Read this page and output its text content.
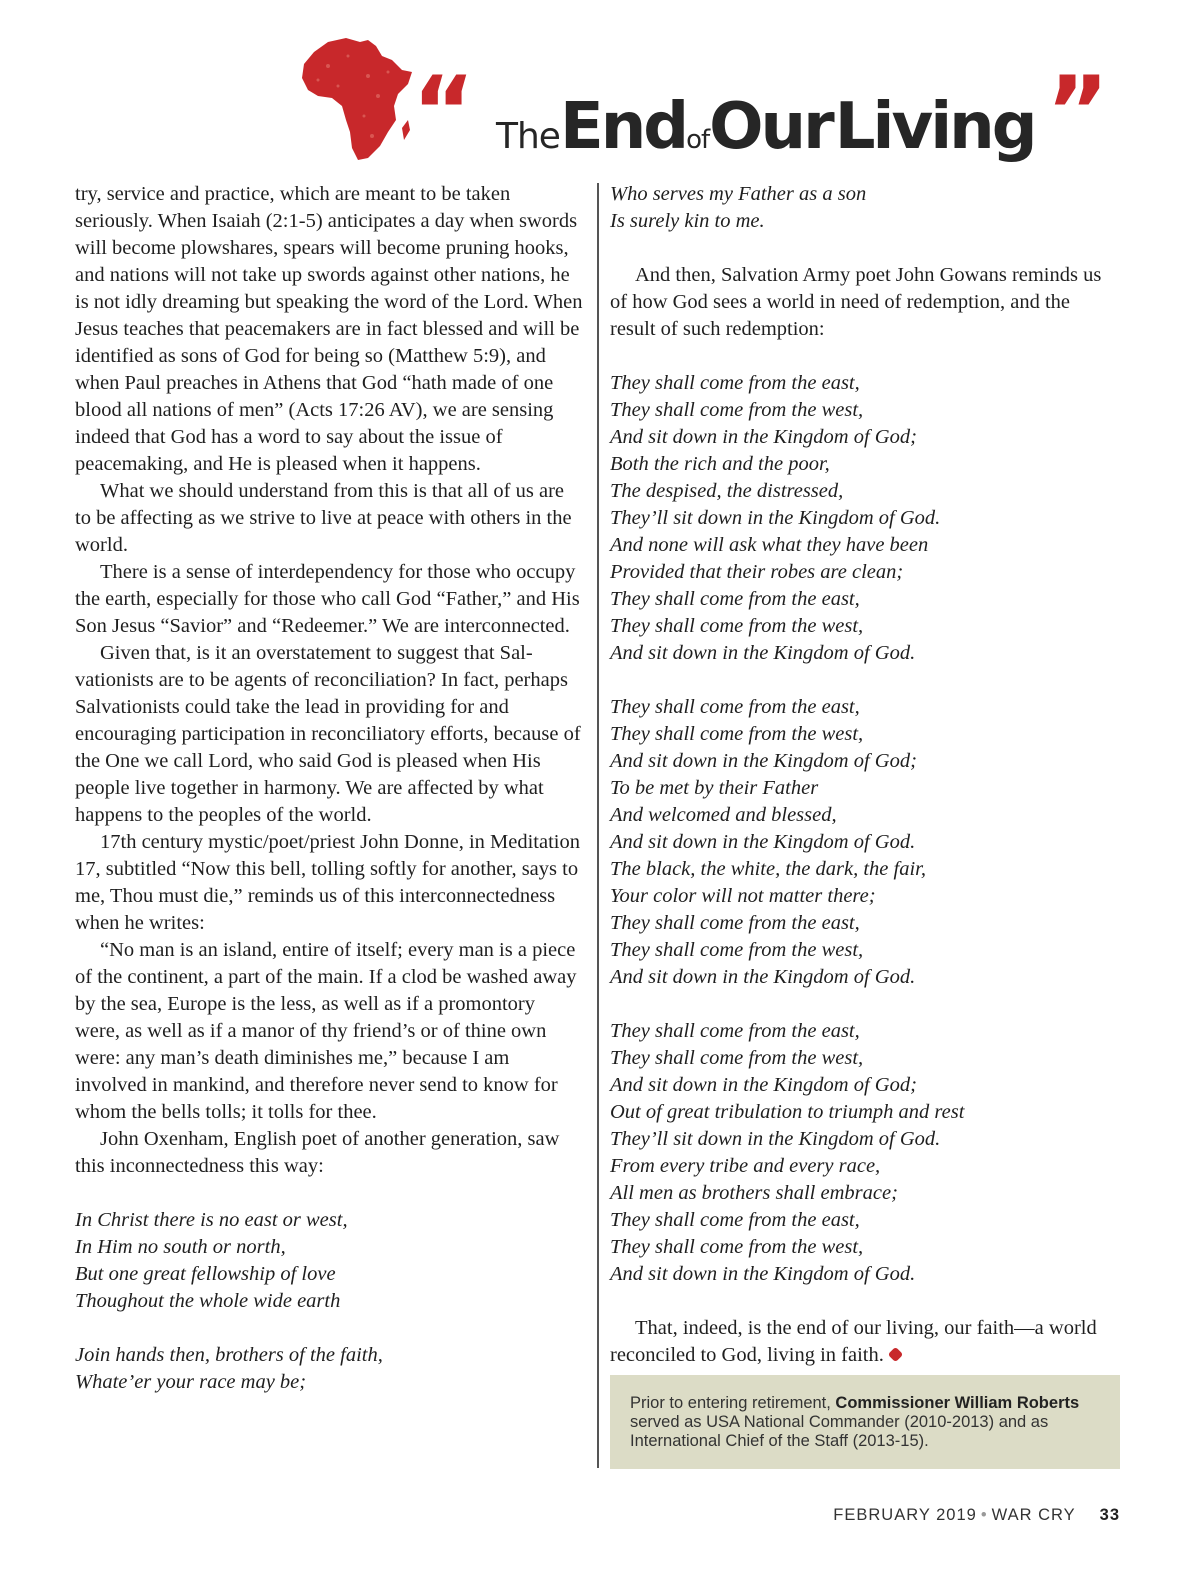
“ TheEndofOur Living ”

try, service and practice, which are meant to be taken seriously. When Isaiah (2:1-5) anticipates a day when swords will become plowshares, spears will become pruning hooks, and nations will not take up swords against other nations, he is not idly dreaming but speaking the word of the Lord. When Jesus teaches that peacemakers are in fact blessed and will be identified as sons of God for being so (Matthew 5:9), and when Paul preaches in Athens that God “hath made of one blood all nations of men” (Acts 17:26 AV), we are sensing indeed that God has a word to say about the issue of peacemaking, and He is pleased when it happens.

What we should understand from this is that all of us are to be affecting as we strive to live at peace with others in the world.

There is a sense of interdependency for those who occupy the earth, especially for those who call God “Father,” and His Son Jesus “Savior” and “Redeemer.” We are interconnected.

Given that, is it an overstatement to suggest that Salvationists are to be agents of reconciliation? In fact, perhaps Salvationists could take the lead in providing for and encouraging participation in reconciliatory efforts, because of the One we call Lord, who said God is pleased when His people live together in harmony. We are affected by what happens to the peoples of the world.

17th century mystic/poet/priest John Donne, in Meditation 17, subtitled “Now this bell, tolling softly for another, says to me, Thou must die,” reminds us of this interconnectedness when he writes:

“No man is an island, entire of itself; every man is a piece of the continent, a part of the main. If a clod be washed away by the sea, Europe is the less, as well as if a promontory were, as well as if a manor of thy friend’s or of thine own were: any man’s death diminishes me,” because I am involved in mankind, and therefore never send to know for whom the bells tolls; it tolls for thee.

John Oxenham, English poet of another generation, saw this inconnectedness this way:

In Christ there is no east or west,
In Him no south or north,
But one great fellowship of love
Thoughout the whole wide earth
Join hands then, brothers of the faith,
Whate’er your race may be;
Who serves my Father as a son
Is surely kin to me.

And then, Salvation Army poet John Gowans reminds us of how God sees a world in need of redemption, and the result of such redemption:

They shall come from the east,
They shall come from the west,
And sit down in the Kingdom of God;
Both the rich and the poor,
The despised, the distressed,
They’ll sit down in the Kingdom of God.
And none will ask what they have been
Provided that their robes are clean;
They shall come from the east,
They shall come from the west,
And sit down in the Kingdom of God.
They shall come from the east,
They shall come from the west,
And sit down in the Kingdom of God;
To be met by their Father
And welcomed and blessed,
And sit down in the Kingdom of God.
The black, the white, the dark, the fair,
Your color will not matter there;
They shall come from the east,
They shall come from the west,
And sit down in the Kingdom of God.
They shall come from the east,
They shall come from the west,
And sit down in the Kingdom of God;
Out of great tribulation to triumph and rest
They’ll sit down in the Kingdom of God.
From every tribe and every race,
All men as brothers shall embrace;
They shall come from the east,
They shall come from the west,
And sit down in the Kingdom of God.

That, indeed, is the end of our living, our faith—a world reconciled to God, living in faith.

Prior to entering retirement, Commissioner William Roberts served as USA National Commander (2010-2013) and as International Chief of the Staff (2013-15).
FEBRUARY 2019 • WAR CRY 33
